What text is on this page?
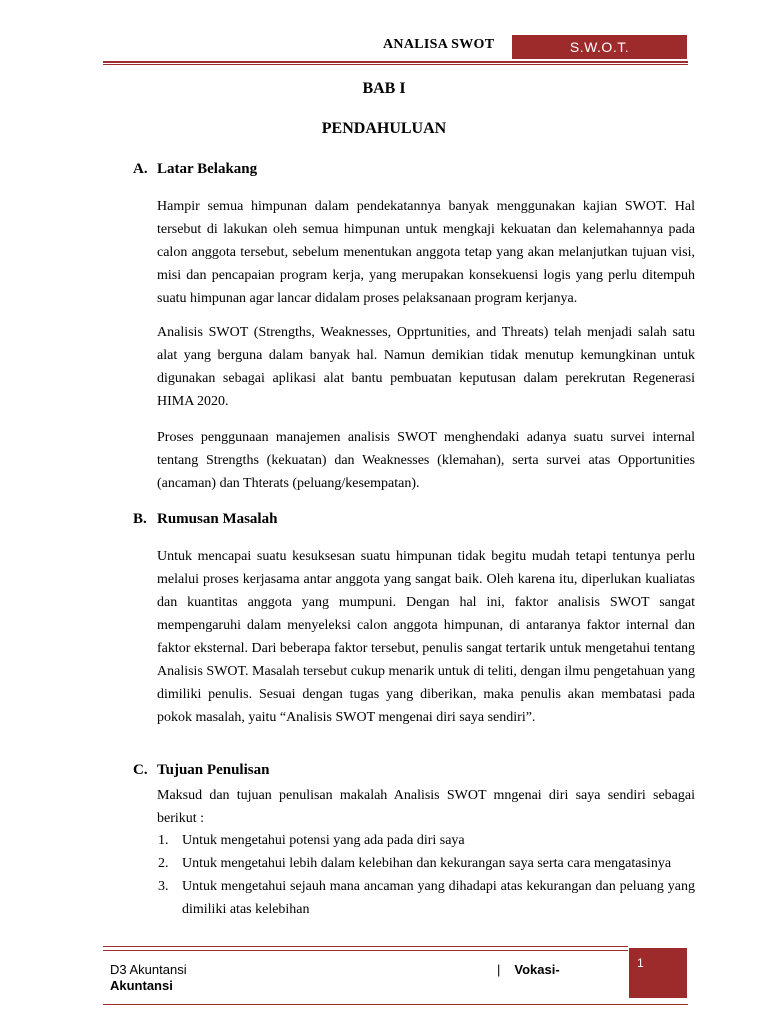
ANALISA SWOT	S.W.O.T.
BAB I
PENDAHULUAN
A. Latar Belakang
Hampir semua himpunan dalam pendekatannya banyak menggunakan kajian SWOT. Hal tersebut di lakukan oleh semua himpunan untuk mengkaji kekuatan dan kelemahannya pada calon anggota tersebut, sebelum menentukan anggota tetap yang akan melanjutkan tujuan visi, misi dan pencapaian program kerja, yang merupakan konsekuensi logis yang perlu ditempuh suatu himpunan agar lancar didalam proses pelaksanaan program kerjanya.
Analisis SWOT (Strengths, Weaknesses, Opprtunities, and Threats) telah menjadi salah satu alat yang berguna dalam banyak hal. Namun demikian tidak menutup kemungkinan untuk digunakan sebagai aplikasi alat bantu pembuatan keputusan dalam perekrutan Regenerasi HIMA 2020.
Proses penggunaan manajemen analisis SWOT menghendaki adanya suatu survei internal tentang Strengths (kekuatan) dan Weaknesses (klemahan), serta survei atas Opportunities (ancaman) dan Thterats (peluang/kesempatan).
B. Rumusan Masalah
Untuk mencapai suatu kesuksesan suatu himpunan tidak begitu mudah tetapi tentunya perlu melalui proses kerjasama antar anggota yang sangat baik. Oleh karena itu, diperlukan kualiatas dan kuantitas anggota yang mumpuni. Dengan hal ini, faktor analisis SWOT sangat mempengaruhi dalam menyeleksi calon anggota himpunan, di antaranya faktor internal dan faktor eksternal. Dari beberapa faktor tersebut, penulis sangat tertarik untuk mengetahui tentang Analisis SWOT. Masalah tersebut cukup menarik untuk di teliti, dengan ilmu pengetahuan yang dimiliki penulis. Sesuai dengan tugas yang diberikan, maka penulis akan membatasi pada pokok masalah, yaitu “Analisis SWOT mengenai diri saya sendiri”.
C. Tujuan Penulisan
Maksud dan tujuan penulisan makalah Analisis SWOT mngenai diri saya sendiri sebagai berikut :
1. Untuk mengetahui potensi yang ada pada diri saya
2. Untuk mengetahui lebih dalam kelebihan dan kekurangan saya serta cara mengatasinya
3. Untuk mengetahui sejauh mana ancaman yang dihadapi atas kekurangan dan peluang yang dimiliki atas kelebihan
1
D3 Akuntansi	| Vokasi-
Akuntansi
